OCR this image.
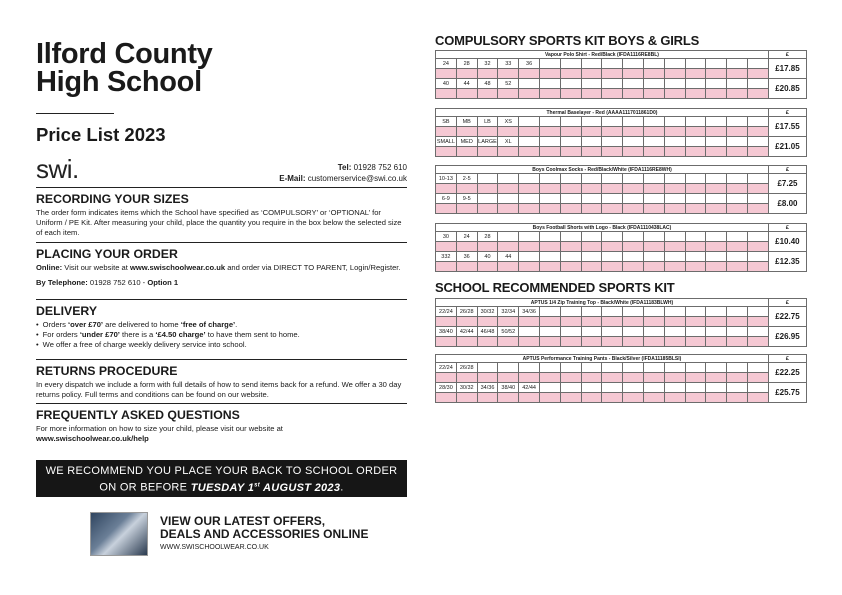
Ilford County
High School
Price List 2023
swi.	Tel: 01928 752 610
E-Mail: customerservice@swi.co.uk
RECORDING YOUR SIZES

The order form indicates items which the School have specified as ‘COMPULSORY’ or ‘OPTIONAL’ for Uniform / PE Kit. After measuring your child, place the quantity you require in the box below the selected size of each item.

PLACING YOUR ORDER

Online: Visit our website at www.swischoolwear.co.uk and order via DIRECT TO PARENT, Login/Register.

By Telephone: 01928 752 610 - Option 1

DELIVERY
• Orders ‘over £70’ are delivered to home ‘free of charge’.
• For orders ‘under £70’ there is a ‘£4.50 charge’ to have them sent to home.
• We offer a free of charge weekly delivery service into school.
RETURNS PROCEDURE

In every dispatch we include a form with full details of how to send items back for a refund. We offer a 30 day returns policy. Full terms and conditions can be found on our website.

FREQUENTLY ASKED QUESTIONS

For more information on how to size your child, please visit our website at

www.swischoolwear.co.uk/help

WE RECOMMEND YOU PLACE YOUR BACK TO SCHOOL ORDER
ON OR BEFORE TUESDAY 1st AUGUST 2023.
VIEW OUR LATEST OFFERS,
DEALS AND ACCESSORIES ONLINE
WWW.SWISCHOOLWEAR.CO.UK
COMPULSORY SPORTS KIT BOYS & GIRLS
SCHOOL RECOMMENDED SPORTS KIT
Vapour Polo Shirt - Red/Black (IFDA1116RE8BL)																£
24	28	32	33	36												£17.85

40	44	48	52													£20.85

Thermal Baselayer - Red (AAAA1117011861D0)																£
SB	MB	LB	XS													£17.55

SMALL	MED	LARGE	XL													£21.05

Boys Coolmax Socks - Red/Black/White (IFDA1116RE8WH)																£
10-13	2-5															£7.25

6-9	9-5															£8.00

Boys Football Shorts with Logo - Black (IFDA1110438LAC)																£
30	24	28														£10.40

332	36	40	44													£12.35

APTUS 1/4 Zip Training Top - Black/White (IFDA11183BLWH)																£
22/24	26/28	30/32	32/34	34/36												£22.75

38/40	42/44	46/48	50/52													£26.95

APTUS Performance Training Pants - Black/Silver (IFDA11185BLSI)																£
22/24	26/28															£22.25

28/30	30/32	34/36	38/40	42/44												£25.75
